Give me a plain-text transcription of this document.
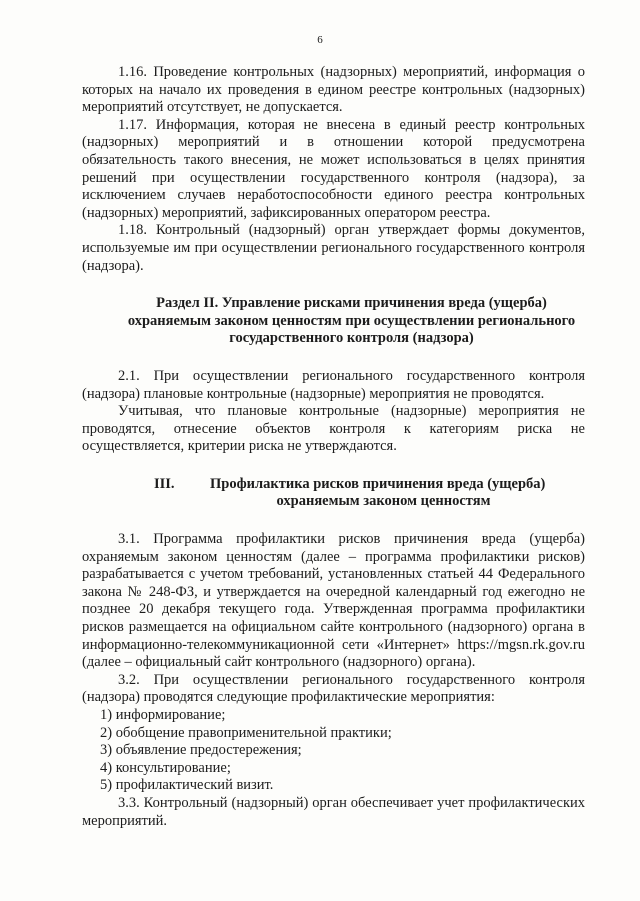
6

1.16. Проведение контрольных (надзорных) мероприятий, информация о которых на начало их проведения в едином реестре контрольных (надзорных) мероприятий отсутствует, не допускается.

1.17. Информация, которая не внесена в единый реестр контрольных (надзорных) мероприятий и в отношении которой предусмотрена обязательность такого внесения, не может использоваться в целях принятия решений при осуществлении государственного контроля (надзора), за исключением случаев неработоспособности единого реестра контрольных (надзорных) мероприятий, зафиксированных оператором реестра.

1.18. Контрольный (надзорный) орган утверждает формы документов, используемые им при осуществлении регионального государственного контроля (надзора).

Раздел II. Управление рисками причинения вреда (ущерба) охраняемым законом ценностям при осуществлении регионального государственного контроля (надзора)

2.1. При осуществлении регионального государственного контроля (надзора) плановые контрольные (надзорные) мероприятия не проводятся.

Учитывая, что плановые контрольные (надзорные) мероприятия не проводятся, отнесение объектов контроля к категориям риска не осуществляется, критерии риска не утверждаются.

III. Профилактика рисков причинения вреда (ущерба)

охраняемым законом ценностям

3.1. Программа профилактики рисков причинения вреда (ущерба) охраняемым законом ценностям (далее – программа профилактики рисков) разрабатывается с учетом требований, установленных статьей 44 Федерального закона № 248-ФЗ, и утверждается на очередной календарный год ежегодно не позднее 20 декабря текущего года. Утвержденная программа профилактики рисков размещается на официальном сайте контрольного (надзорного) органа в информационно-телекоммуникационной сети «Интернет» https://mgsn.rk.gov.ru (далее – официальный сайт контрольного (надзорного) органа).

3.2. При осуществлении регионального государственного контроля (надзора) проводятся следующие профилактические мероприятия:

1) информирование;
2) обобщение правоприменительной практики;
3) объявление предостережения;
4) консультирование;
5) профилактический визит.

3.3. Контрольный (надзорный) орган обеспечивает учет профилактических мероприятий.
